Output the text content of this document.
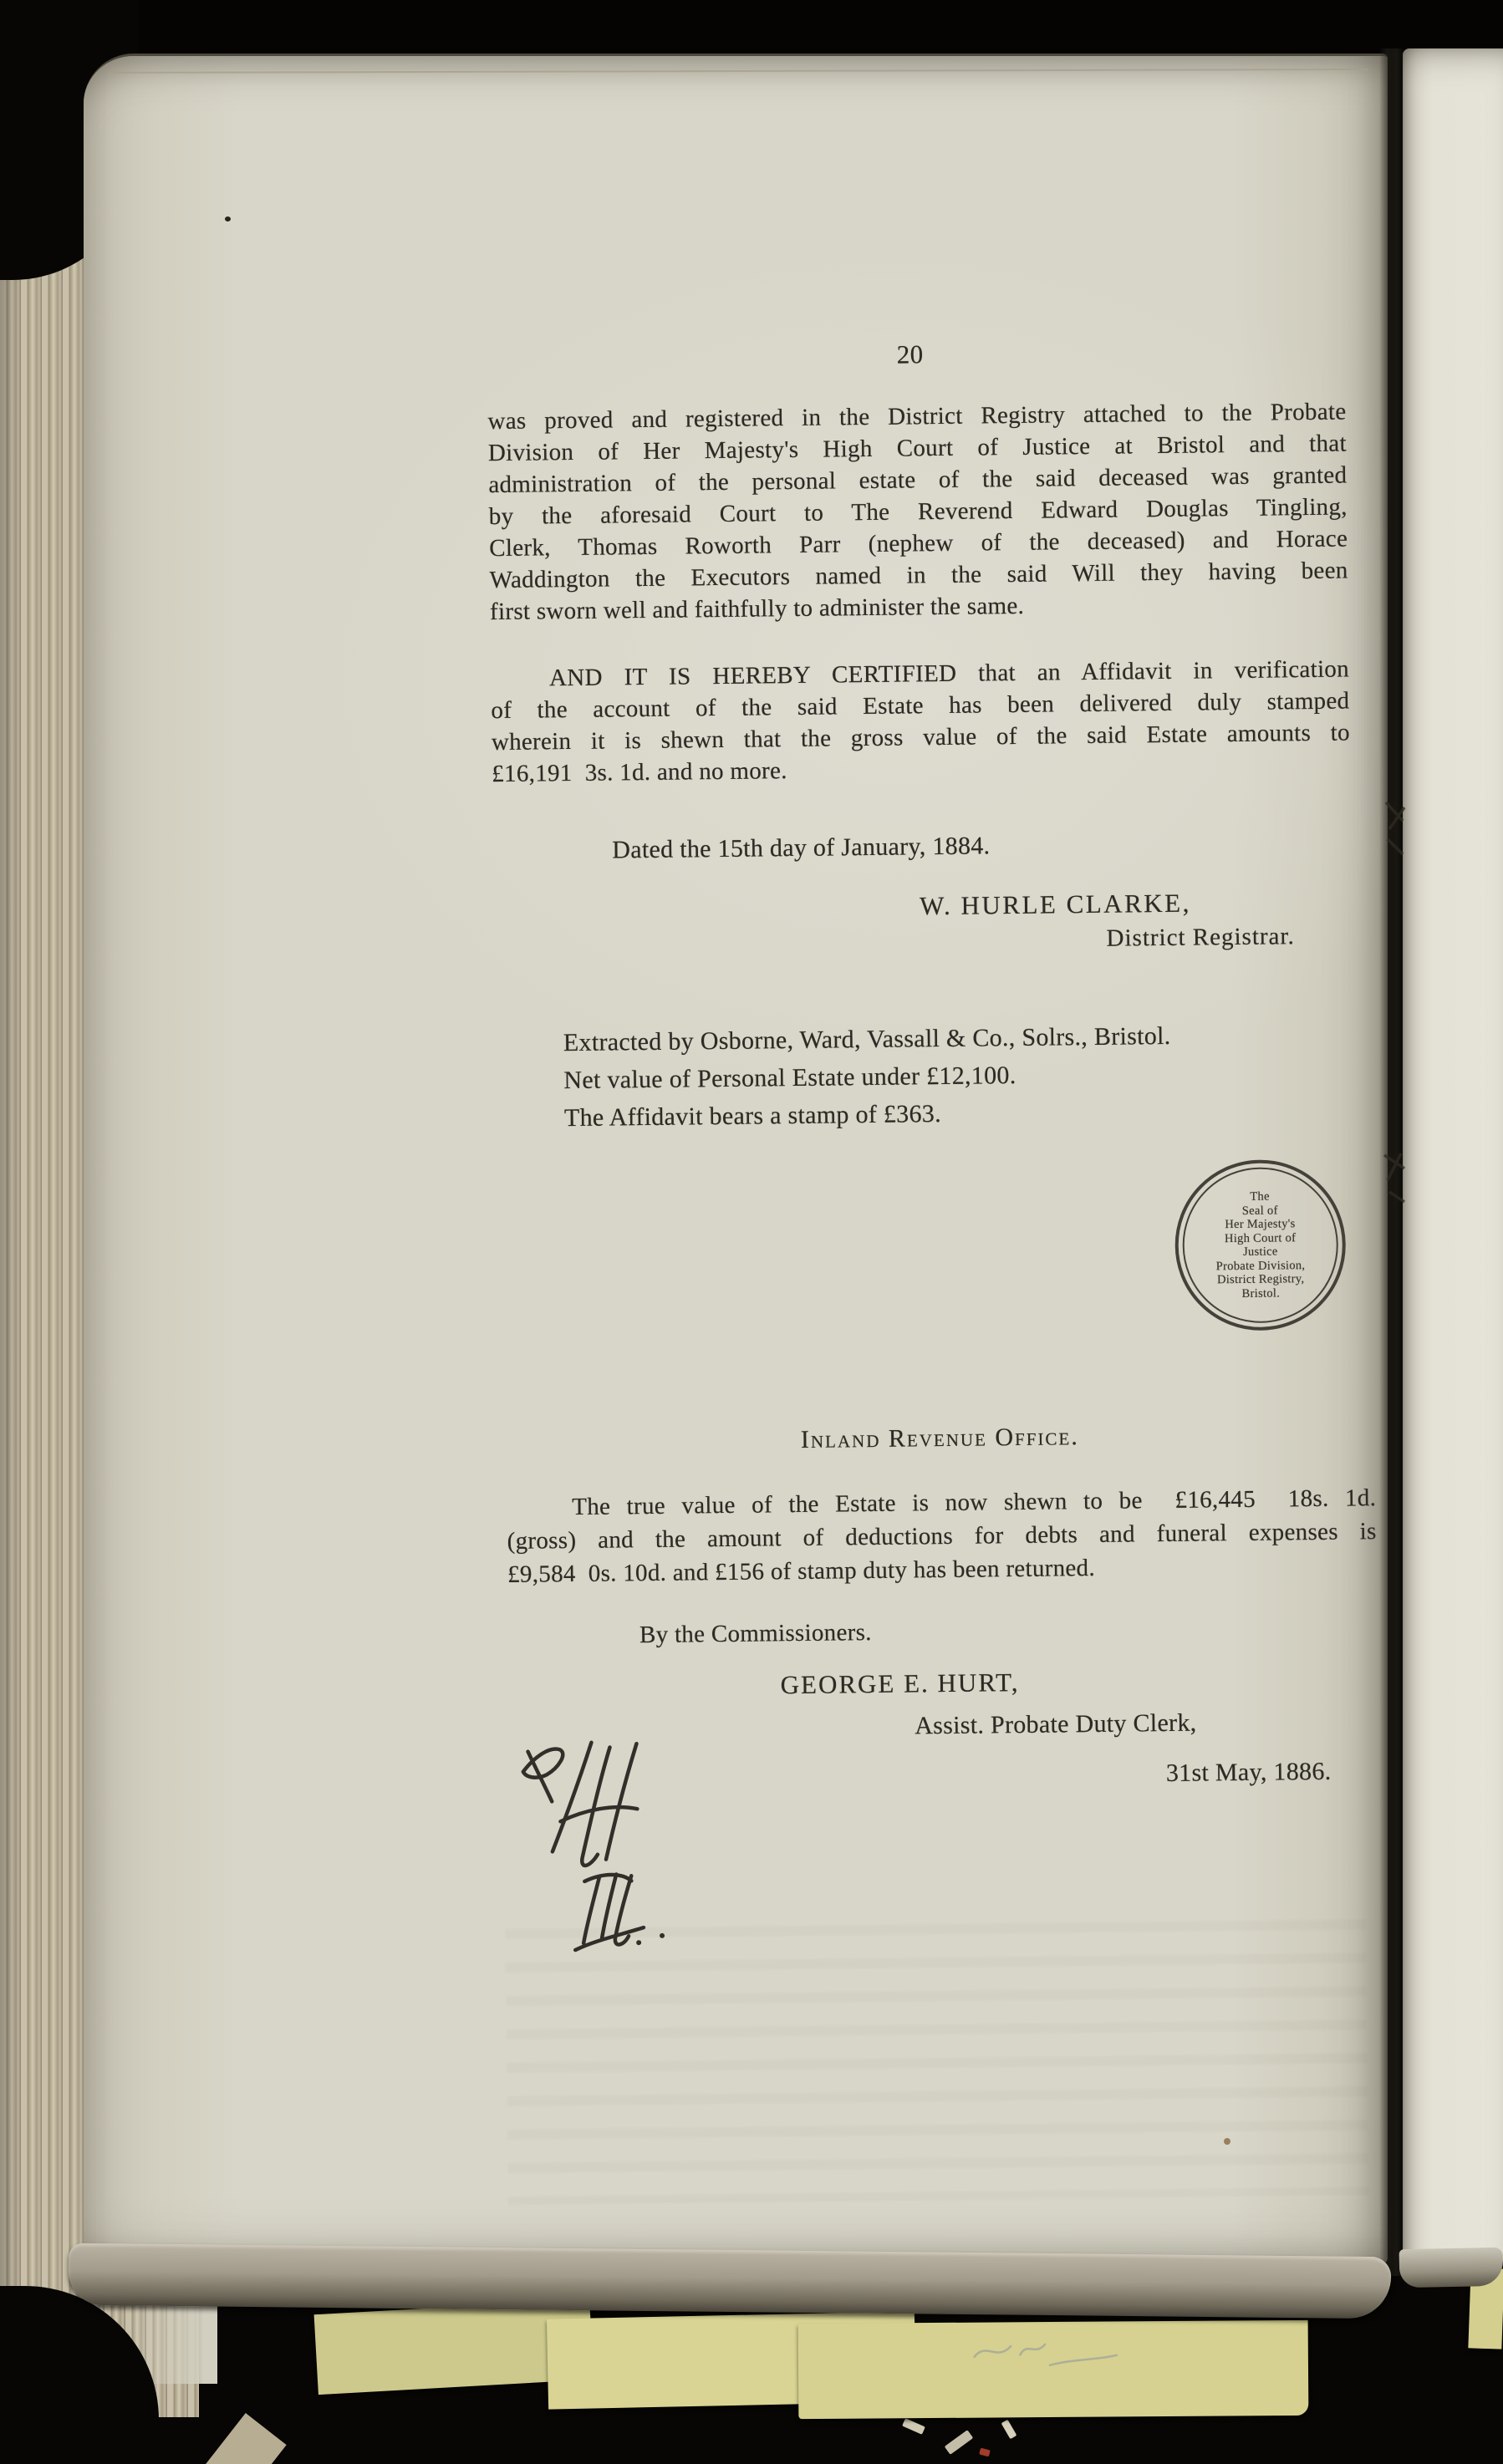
20
was proved and registered in the District Registry attached to the Probate
Division of Her Majesty's High Court of Justice at Bristol and that
administration of the personal estate of the said deceased was granted
by the aforesaid Court to The Reverend Edward Douglas Tingling,
Clerk, Thomas Roworth Parr (nephew of the deceased) and Horace
Waddington the Executors named in the said Will they having been
first sworn well and faithfully to administer the same.
AND IT IS HEREBY CERTIFIED that an Affidavit in verification
of the account of the said Estate has been delivered duly stamped
wherein it is shewn that the gross value of the said Estate amounts to
£16,191  3s. 1d. and no more.
Dated the 15th day of January, 1884.
W. HURLE CLARKE,
District Registrar.
Extracted by Osborne, Ward, Vassall & Co., Solrs., Bristol.
Net value of Personal Estate under £12,100.
The Affidavit bears a stamp of £363.
The
Seal of
Her Majesty's
High Court of
Justice
Probate Division,
District Registry,
Bristol.
Inland Revenue Office.
The true value of the Estate is now shewn to be  £16,445  18s. 1d.
(gross) and the amount of deductions for debts and funeral expenses is
£9,584  0s. 10d. and £156 of stamp duty has been returned.
By the Commissioners.
GEORGE E. HURT,
Assist. Probate Duty Clerk,
31st May, 1886.
